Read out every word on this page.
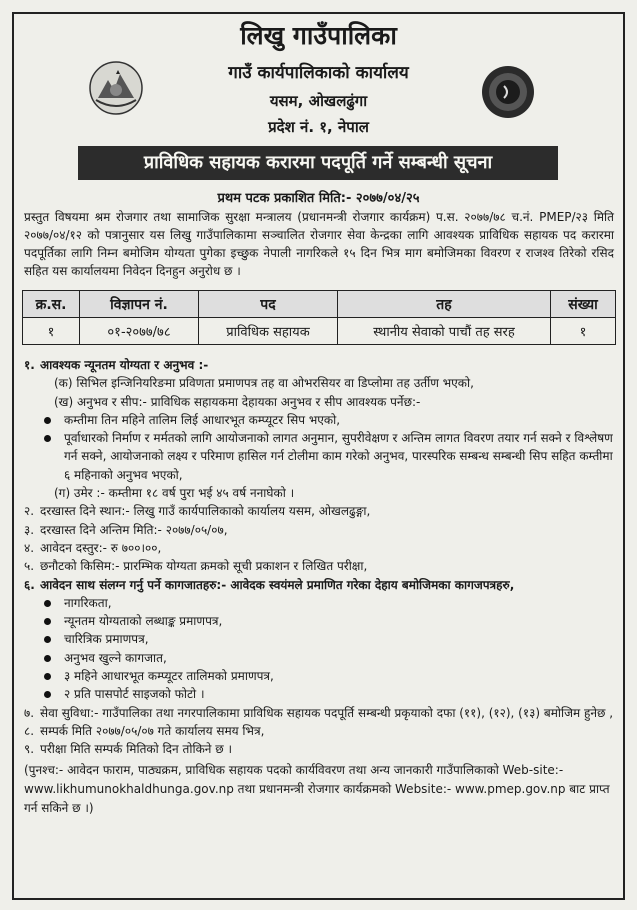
लिखु गाउँपालिका
गाउँ कार्यपालिकाको कार्यालय
यसम, ओखलढुंगा
प्रदेश नं. १, नेपाल
प्राविधिक सहायक करारमा पदपूर्ति गर्ने सम्बन्धी सूचना
प्रथम पटक प्रकाशित मिति:- २०७७/०४/२५
प्रस्तुत विषयमा श्रम रोजगार तथा सामाजिक सुरक्षा मन्त्रालय (प्रधानमन्त्री रोजगार कार्यक्रम) प.स. २०७७/७८ च.नं. PMEP/२३ मिति २०७७/०४/१२ को पत्रानुसार यस लिखु गाउँपालिकामा सञ्चालित रोजगार सेवा केन्द्रका लागि आवश्यक प्राविधिक सहायक पद करारमा पदपूर्तिका लागि निम्न बमोजिम योग्यता पुगेका इच्छुक नेपाली नागरिकले १५ दिन भित्र माग बमोजिमका विवरण र राजश्व तिरेको रसिद सहित यस कार्यालयमा निवेदन दिनहुन अनुरोध छ ।
क्र.स.	विज्ञापन नं.	पद	तह	संख्या
१	०१-२०७७/७८	प्राविधिक सहायक	स्थानीय सेवाको पाचौं तह सरह	१
१. आवश्यक न्यूनतम योग्यता र अनुभव :-
(क) सिभिल इन्जिनियरिङमा प्रविणता प्रमाणपत्र तह वा ओभरसियर वा डिप्लोमा तह उर्तीण भएको,
(ख) अनुभव र सीप:- प्राविधिक सहायकमा देहायका अनुभव र सीप आवश्यक पर्नेछ:-
कम्तीमा तिन महिने तालिम लिई आधारभूत कम्प्यूटर सिप भएको,
पूर्वाधारको निर्माण र मर्मतको लागि आयोजनाको लागत अनुमान, सुपरीवेक्षण र अन्तिम लागत विवरण तयार गर्न सक्ने र विश्लेषण गर्न सक्ने, आयोजनाको लक्ष्य र परिमाण हासिल गर्न टोलीमा काम गरेको अनुभव, पारस्परिक सम्बन्ध सम्बन्धी सिप सहित कम्तीमा ६ महिनाको अनुभव भएको,
(ग) उमेर :- कम्तीमा १८ वर्ष पुरा भई ४५ वर्ष ननाघेको ।
२. दरखास्त दिने स्थान:- लिखु गाउँ कार्यपालिकाको कार्यालय यसम, ओखलढुङ्गा,
३. दरखास्त दिने अन्तिम मिति:- २०७७/०५/०७,
४. आवेदन दस्तुर:- रु ७००।००,
५. छनौटको किसिम:- प्रारम्भिक योग्यता क्रमको सूची प्रकाशन र लिखित परीक्षा,
६. आवेदन साथ संलग्न गर्नु पर्ने कागजातहरु:- आवेदक स्वयंमले प्रमाणित गरेका देहाय बमोजिमका कागजपत्रहरु,
नागरिकता,
न्यूनतम योग्यताको लब्धाङ्क प्रमाणपत्र,
चारित्रिक प्रमाणपत्र,
अनुभव खुल्ने कागजात,
३ महिने आधारभूत कम्प्यूटर तालिमको प्रमाणपत्र,
२ प्रति पासपोर्ट साइजको फोटो ।
७. सेवा सुविधा:- गाउँपालिका तथा नगरपालिकामा प्राविधिक सहायक पदपूर्ति सम्बन्धी प्रकृयाको दफा (११), (१२), (१३) बमोजिम हुनेछ ,
८. सम्पर्क मिति २०७७/०५/०७ गते कार्यालय समय भित्र,
९. परीक्षा मिति सम्पर्क मितिको दिन तोकिने छ ।
(पुनश्च:- आवेदन फाराम, पाठ्यक्रम, प्राविधिक सहायक पदको कार्यविवरण तथा अन्य जानकारी गाउँपालिकाको Web-site:- www.likhumunokhaldhunga.gov.np तथा प्रधानमन्त्री रोजगार कार्यक्रमको Website:- www.pmep.gov.np बाट प्राप्त गर्न सकिने छ ।)
